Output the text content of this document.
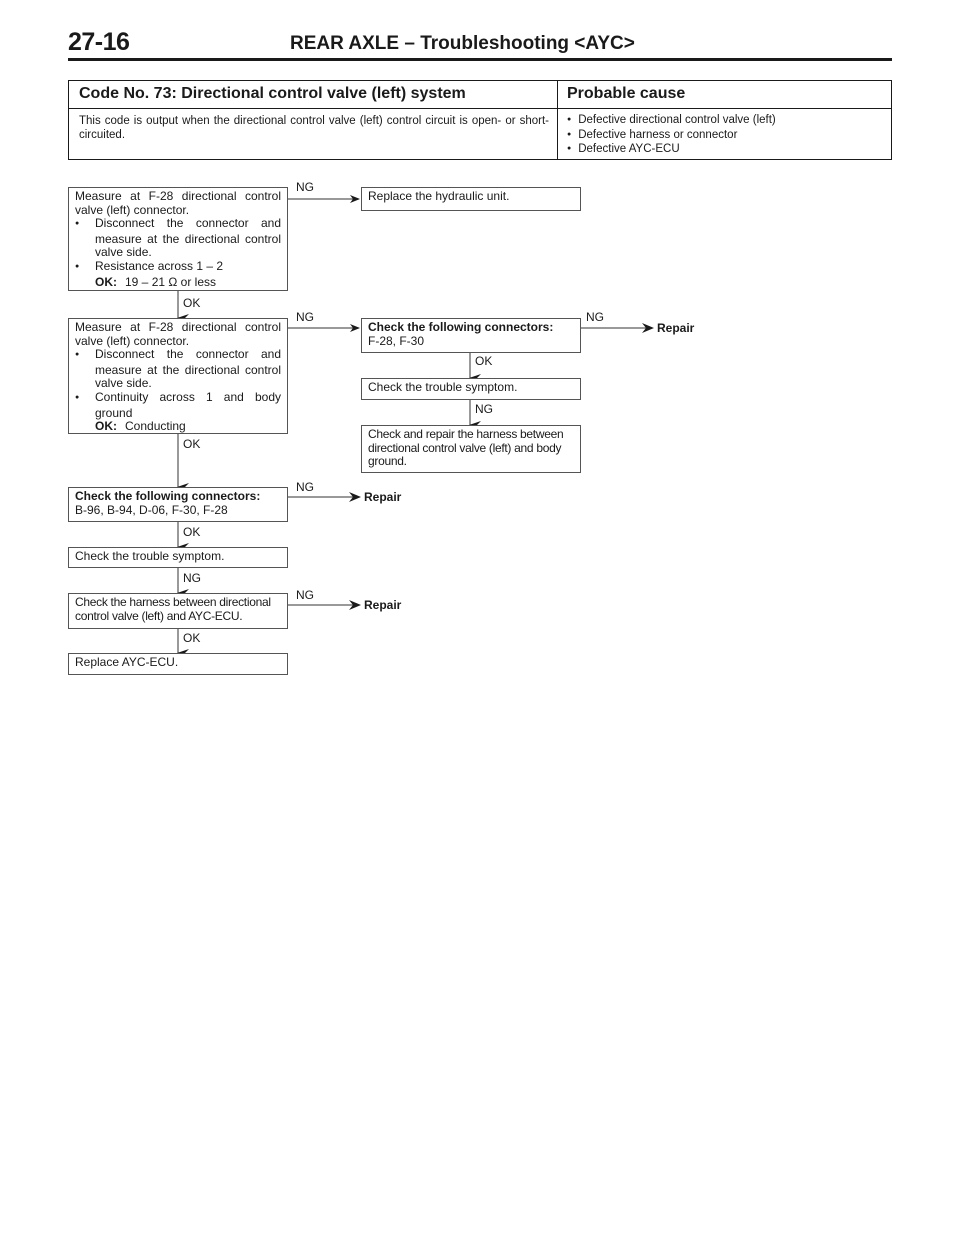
27-16	REAR AXLE – Troubleshooting <AYC>
Code No. 73: Directional control valve (left) system	Probable cause
This code is output when the directional control valve (left) control circuit is open- or short-circuited.
● Defective directional control valve (left)
● Defective harness or connector
● Defective AYC-ECU
Measure at F-28 directional control
valve (left) connector.
● Disconnect the connector and measure at the directional control valve side.
● Resistance across 1 – 2
OK: 19 – 21 Ω or less
NG
Replace the hydraulic unit.
OK
Measure at F-28 directional control
valve (left) connector.
● Disconnect the connector and measure at the directional control valve side.
● Continuity across 1 and body ground
OK: Conducting
NG
Check the following connectors:
F-28, F-30
NG
Repair
OK
Check the trouble symptom.
NG
Check and repair the harness between directional control valve (left) and body ground.
OK
Check the following connectors:
B-96, B-94, D-06, F-30, F-28
NG
Repair
OK
Check the trouble symptom.
NG
Check the harness between directional control valve (left) and AYC-ECU.
NG
Repair
OK
Replace AYC-ECU.
